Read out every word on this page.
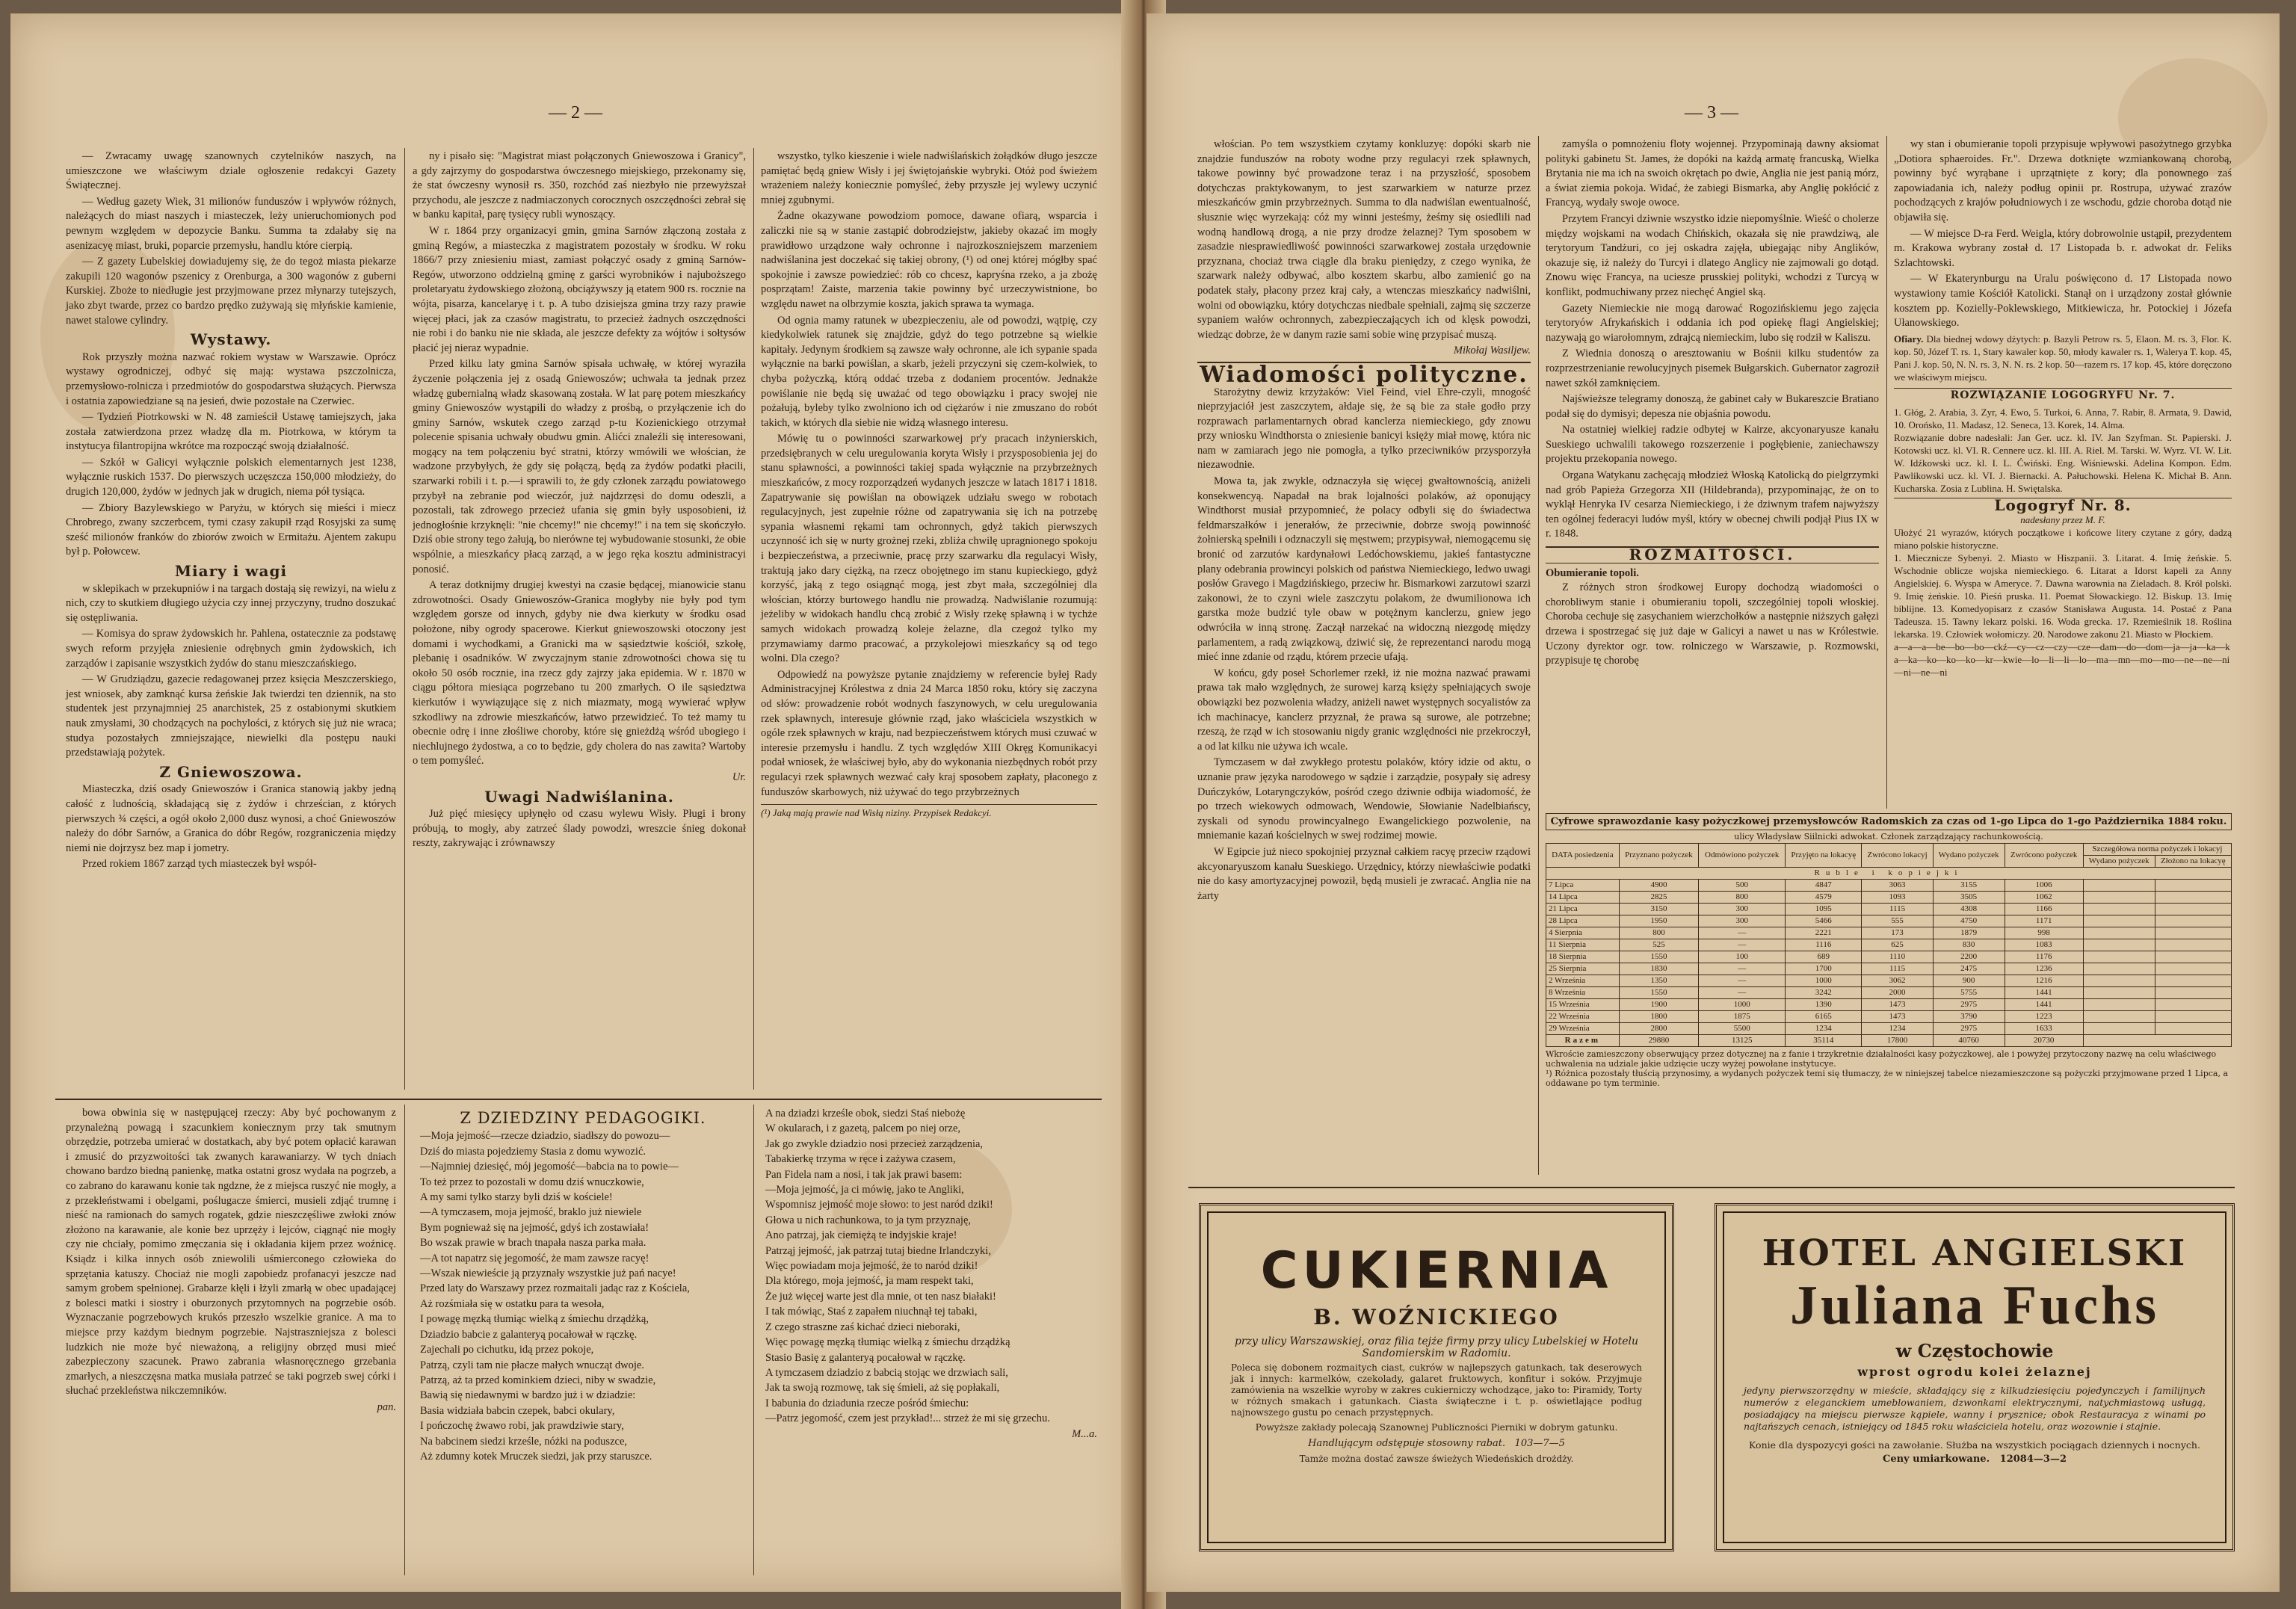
— 2 —

— Zwracamy uwagę szanownych czytelników naszych, na umieszczone we właściwym dziale ogłoszenie redakcyi Gazety Świątecznej.

— Według gazety Wiek, 31 milionów funduszów i wpływów różnych, należących do miast naszych i miasteczek, leży unieruchomionych pod pewnym względem w depozycie Banku. Summa ta zdałaby się na asenizacyę miast, bruki, poparcie przemysłu, handlu które cierpią.

— Z gazety Lubelskiej dowiadujemy się, że do tegoż miasta piekarze zakupili 120 wagonów pszenicy z Orenburga, a 300 wagonów z guberni Kurskiej. Zboże to niedługie jest przyjmowane przez młynarzy tutejszych, jako zbyt twarde, przez co bardzo prędko zużywają się młyńskie kamienie, nawet stalowe cylindry.

Wystawy.

Rok przyszły można nazwać rokiem wystaw w Warszawie. Oprócz wystawy ogrodniczej, odbyć się mają: wystawa pszczolnicza, przemysłowo-rolnicza i przedmiotów do gospodarstwa służących. Pierwsza i ostatnia zapowiedziane są na jesień, dwie pozostałe na Czerwiec.

— Tydzień Piotrkowski w N. 48 zamieścił Ustawę tamiejszych, jaka została zatwierdzona przez władzę dla m. Piotrkowa, w którym ta instytucya filantropijna wkrótce ma rozpocząć swoją działalność.

— Szkół w Galicyi wyłącznie polskich elementarnych jest 1238, wyłącznie ruskich 1537. Do pierwszych uczęszcza 150,000 młodzieży, do drugich 120,000, żydów w jednych jak w drugich, niema pół tysiąca.

— Zbiory Bazylewskiego w Paryżu, w których się mieści i miecz Chrobrego, zwany szczerbcem, tymi czasy zakupił rząd Rosyjski za sumę sześć milionów franków do zbiorów zwoich w Ermitażu. Ajentem zakupu był p. Połowcew.

Miary i wagi

w sklepikach w przekupniów i na targach dostają się rewizyi, na wielu z nich, czy to skutkiem długiego użycia czy innej przyczyny, trudno doszukać się ostępliwania.

— Komisya do spraw żydowskich hr. Pahlena, ostatecznie za podstawę swych reform przyjęła zniesienie odrębnych gmin żydowskich, ich zarządów i zapisanie wszystkich żydów do stanu mieszczańskiego.

— W Grudziądzu, gazecie redagowanej przez księcia Meszczerskiego, jest wniosek, aby zamknąć kursa żeńskie Jak twierdzi ten dziennik, na sto studentek jest przynajmniej 25 anarchistek, 25 z ostabionymi skutkiem nauk zmysłami, 30 chodzących na pochylości, z których się już nie wraca; studya pozostałych zmniejszające, niewielki dla postępu nauki przedstawiają pożytek.

Z Gniewoszowa.

Miasteczka, dziś osady Gniewoszów i Granica stanowią jakby jedną całość z ludnością, składającą się z żydów i chrześcian, z których pierwszych ¾ części, a ogół około 2,000 dusz wynosi, a choć Gniewoszów należy do dóbr Sarnów, a Granica do dóbr Regów, rozgraniczenia między niemi nie dojrzysz bez map i jometry.

Przed rokiem 1867 zarząd tych miasteczek był współ-

ny i pisało się: "Magistrat miast połączonych Gniewoszowa i Granicy", a gdy zajrzymy do gospodarstwa ówczesnego miejskiego, przekonamy się, że stat ówczesny wynosił rs. 350, rozchód zaś niezbyło nie przewyższał przychodu, ale jeszcze z nadmiaczonych corocznych oszczędności zebrał się w banku kapitał, parę tysięcy rubli wynoszący.

W r. 1864 przy organizacyi gmin, gmina Sarnów złączoną została z gminą Regów, a miasteczka z magistratem pozostały w środku. W roku 1866/7 przy zniesieniu miast, zamiast połączyć osady z gminą Sarnów-Regów, utworzono oddzielną gminę z garści wyrobników i najuboższego proletaryatu żydowskiego złożoną, obciążywszy ją etatem 900 rs. rocznie na wójta, pisarza, kancelaryę i t. p. A tubo dzisiejsza gmina trzy razy prawie więcej płaci, jak za czasów magistratu, to przecież żadnych oszczędności nie robi i do banku nie nie składa, ale jeszcze defekty za wójtów i sołtysów płacić jej nieraz wypadnie.

Przed kilku laty gmina Sarnów spisała uchwałę, w której wyraziła życzenie połączenia jej z osadą Gniewoszów; uchwała ta jednak przez władzę gubernialną władz skasowaną została. W lat parę potem mieszkańcy gminy Gniewoszów wystąpili do władzy z prośbą, o przyłączenie ich do gminy Sarnów, wskutek czego zarząd p-tu Kozienickiego otrzymał polecenie spisania uchwały obudwu gmin. Alićci znaleźli się interesowani, mogący na tem połączeniu być stratni, którzy wmówili we włościan, że wadzone przybyłych, że gdy się połączą, będą za żydów podatki płacili, szarwarki robili i t. p.—i sprawili to, że gdy członek zarządu powiatowego przybył na zebranie pod wieczór, już najdzrzęsi do domu odeszli, a pozostali, tak zdrowego przecież ufania się gmin były usposobieni, iż jednogłośnie krzyknęli: "nie chcemy!" nie chcemy!" i na tem się skończyło. Dziś obie strony tego żałują, bo nierówne tej wybudowanie stosunki, że obie wspólnie, a mieszkańcy płacą zarząd, a w jego ręka kosztu administracyi ponosić.

A teraz dotknijmy drugiej kwestyi na czasie będącej, mianowicie stanu zdrowotności. Osady Gniewoszów-Granica mogłyby nie były pod tym względem gorsze od innych, gdyby nie dwa kierkuty w środku osad położone, niby ogrody spacerowe. Kierkut gniewoszowski otoczony jest domami i wychodkami, a Granicki ma w sąsiedztwie kościół, szkołę, plebanię i osadników. W zwyczajnym stanie zdrowotności chowa się tu około 50 osób rocznie, ina rzecz gdy zajrzy jaka epidemia. W r. 1870 w ciągu półtora miesiąca pogrzebano tu 200 zmarłych. O ile sąsiedztwa kierkutów i wywiązujące się z nich miazmaty, mogą wywierać wpływ szkodliwy na zdrowie mieszkańców, łatwo przewidzieć. To też mamy tu obecnie odrę i inne złośliwe choroby, które się gnieżdżą wśród ubogiego i niechlujnego żydostwa, a co to będzie, gdy cholera do nas zawita? Wartoby o tem pomyśleć.

Ur.
Uwagi Nadwiślanina.

Już pięć miesięcy upłynęło od czasu wylewu Wisły. Pługi i brony próbują, to mogły, aby zatrzeć ślady powodzi, wreszcie śnieg dokonał reszty, zakrywając i zrównawszy

wszystko, tylko kieszenie i wiele nadwiślańskich żołądków długo jeszcze pamiętać będą gniew Wisły i jej świętojańskie wybryki. Otóż pod świeżem wrażeniem należy koniecznie pomyśleć, żeby przyszłe jej wylewy uczynić mniej zgubnymi.

Żadne okazywane powodziom pomoce, dawane ofiarą, wsparcia i zaliczki nie są w stanie zastąpić dobrodziejstw, jakieby okazać im mogły prawidłowo urządzone wały ochronne i najrozkoszniejszem marzeniem nadwiślanina jest doczekać się takiej obrony, (¹) od onej której mógłby spać spokojnie i zawsze powiedzieć: rób co chcesz, kapryśna rzeko, a ja zbożę posprzątam! Zaiste, marzenia takie powinny być urzeczywistnione, bo względu nawet na olbrzymie koszta, jakich sprawa ta wymaga.

Od ognia mamy ratunek w ubezpieczeniu, ale od powodzi, wątpię, czy kiedykolwiek ratunek się znajdzie, gdyż do tego potrzebne są wielkie kapitały. Jedynym środkiem są zawsze wały ochronne, ale ich sypanie spada wyłącznie na barki powiślan, a skarb, jeżeli przyczyni się czem-kolwiek, to chyba pożyczką, którą oddać trzeba z dodaniem procentów. Jednakże powiślanie nie będą się uważać od tego obowiązku i pracy swojej nie pożałują, byleby tylko zwolniono ich od ciężarów i nie zmuszano do robót takich, w których dla siebie nie widzą własnego interesu.

Mówię tu o powinności szarwarkowej pr'y pracach inżynierskich, przedsiębranych w celu uregulowania koryta Wisły i przysposobienia jej do stanu spławności, a powinności takiej spada wyłącznie na przybrzeżnych mieszkańców, z mocy rozporządzeń wydanych jeszcze w latach 1817 i 1818. Zapatrywanie się powiślan na obowiązek udziału swego w robotach regulacyjnych, jest zupełnie różne od zapatrywania się ich na potrzebę sypania własnemi rękami tam ochronnych, gdyż takich pierwszych uczynność ich się w nurty grożnej rzeki, zbliża chwilę upragnionego spokoju i bezpieczeństwa, a przeciwnie, pracę przy szarwarku dla regulacyi Wisły, traktują jako dary ciężką, na rzecz obojętnego im stanu kupieckiego, gdyż korzyść, jaką z tego osiągnąć mogą, jest zbyt mała, szczególniej dla włościan, którzy burtowego handlu nie prowadzą. Nadwiślanie rozumują: jeżeliby w widokach handlu chcą zrobić z Wisły rzekę spławną i w tychże samych widokach prowadzą koleje żelazne, dla czegoż tylko my przymawiamy darmo pracować, a przykolejowi mieszkańcy są od tego wolni. Dla czego?

Odpowiedź na powyższe pytanie znajdziemy w referencie byłej Rady Administracyjnej Królestwa z dnia 24 Marca 1850 roku, który się zaczyna od słów: prowadzenie robót wodnych faszynowych, w celu uregulowania rzek spławnych, interesuje głównie rząd, jako właściciela wszystkich w ogóle rzek spławnych w kraju, nad bezpieczeństwem których musi czuwać w interesie przemysłu i handlu. Z tych względów XIII Okręg Komunikacyi podał wniosek, że właściwej było, aby do wykonania niezbędnych robót przy regulacyi rzek spławnych wezwać cały kraj sposobem zapłaty, płaconego z funduszów skarbowych, niż używać do tego przybrzeżnych

(¹) Jaką mają prawie nad Wisłą niziny. Przypisek Redakcyi.

bowa obwinia się w następującej rzeczy: Aby być pochowanym z przynależną powagą i szacunkiem koniecznym przy tak smutnym obrzędzie, potrzeba umierać w dostatkach, aby być potem opłacić karawan i zmusić do przyzwoitości tak zwanych karawaniarzy. W tych dniach chowano bardzo biedną panienkę, matka ostatni grosz wydała na pogrzeb, a co zabrano do karawanu konie tak ngdzne, że z miejsca ruszyć nie mogły, a z przekleństwami i obelgami, poślugacze śmierci, musieli zdjąć trumnę i nieść na ramionach do samych rogatek, gdzie nieszczęśliwe zwłoki znów złożono na karawanie, ale konie bez uprzęży i lejców, ciągnąć nie mogły czy nie chciały, pomimo zmęczania się i okładania kijem przez woźnicę. Ksiądz i kilka innych osób zniewolili uśmierconego człowieka do sprzętania katuszy. Chociaż nie mogli zapobiedz profanacyi jeszcze nad samym grobem spełnionej. Grabarze kłęli i łżyli zmarłą w obec upadającej z bolesci matki i siostry i oburzonych przytomnych na pogrzebie osób. Wyznaczanie pogrzebowych krukós przeszło wszelkie granice. A ma to miejsce przy każdym biednym pogrzebie. Najstraszniejsza z bolesci ludzkich nie może być nieważoną, a religijny obrzęd musi mieć zabezpieczony szacunek. Prawo zabrania własnoręcznego grzebania zmarłych, a nieszczęsna matka musiała patrzeć se taki pogrzeb swej córki i słuchać przekleństwa nikczemników.

pan.
Z DZIEDZINY PEDAGOGIKI.
—Moja jejmość—rzecze dziadzio, siadłszy do powozu—
Dziś do miasta pojedziemy Stasia z domu wywozić.
—Najmniej dziesięć, mój jegomość—babcia na to powie—
To też przez to pozostali w domu dziś wnuczkowie,
A my sami tylko starzy byli dziś w kościele!
—A tymczasem, moja jejmość, braklo już niewiele
Bym pognieważ się na jejmość, gdyś ich zostawiała!
Bo wszak prawie w brach tnapała nasza parka mała.
—A tot napatrz się jegomość, że mam zawsze racyę!
—Wszak niewieście ją przyznały wszystkie już pań nacye!
Przed laty do Warszawy przez rozmaitali jadąc raz z Kościela,
Aż rozśmiała się w ostatku para ta wesoła,
I powagę męzką tłumiąc wielką z śmiechu drządżką,
Dziadzio babcie z galanteryą pocałował w rączkę.
Zajechali po cichutku, idą przez pokoje,
Patrzą, czyli tam nie płacze małych wnucząt dwoje.
Patrzą, aż ta przed kominkiem dzieci, niby w swadzie,
Bawią się niedawnymi w bardzo już i w dziadzie:
Basia widziała babcin czepek, babci okulary,
I pończochę żwawo robi, jak prawdziwie stary,
Na babcinem siedzi krześle, nóżki na poduszce,
Aż zdumny kotek Mruczek siedzi, jak przy staruszce.
A na dziadzi krześle obok, siedzi Staś niebożę
W okularach, i z gazetą, palcem po niej orze,
Jak go zwykle dziadzio nosi przecież zarządzenia,
Tabakierkę trzyma w ręce i zażywa czasem,
Pan Fidela nam a nosi, i tak jak prawi basem:
—Moja jejmość, ja ci mówię, jako te Angliki,
Wspomnisz jejmość moje słowo: to jest naród dziki!
Głowa u nich rachunkowa, to ja tym przyznaję,
Ano patrzaj, jak ciemiężą te indyjskie kraje!
Patrząj jejmość, jak patrzaj tutaj biedne Irlandczyki,
Więc powiadam moja jejmość, że to naród dziki!
Dla którego, moja jejmość, ja mam respekt taki,
Że już więcej warte jest dla mnie, ot ten nasz białaki!
I tak mówiąc, Staś z zapałem niuchnął tej tabaki,
Z czego straszne zaś kichać dzieci nieboraki,
Więc powagę męzką tłumiąc wielką z śmiechu drządżką
Stasio Basię z galanteryą pocałował w rączkę.
A tymczasem dziadzio z babcią stojąc we drzwiach sali,
Jak ta swoją rozmowę, tak się śmieli, aż się popłakali,
I babunia do dziadunia rzecze pośród śmiechu:
—Patrz jegomość, czem jest przykład!... strzeż że mi się grzechu.
M...a.
— 3 —

włościan. Po tem wszystkiem czytamy konkluzyę: dopóki skarb nie znajdzie funduszów na roboty wodne przy regulacyi rzek spławnych, takowe powinny być prowadzone teraz i na przyszłość, sposobem dotychczas praktykowanym, to jest szarwarkiem w naturze przez mieszkańców gmin przybrzeżnych. Summa to dla nadwiślan ewentualność, słusznie więc wyrzekają: cóż my winni jesteśmy, żeśmy się osiedlili nad wodną handlową drogą, a nie przy drodze żelaznej? Tym sposobem w zasadzie niesprawiedliwość powinności szarwarkowej została urzędownie przyznana, chociaż trwa ciągle dla braku pieniędzy, z czego wynika, że szarwark należy odbywać, albo kosztem skarbu, albo zamienić go na podatek stały, płacony przez kraj cały, a wtenczas mieszkańcy nadwiślni, wolni od obowiązku, który dotychczas niedbale spełniali, zajmą się szczerze sypaniem wałów ochronnych, zabezpieczających ich od klęsk powodzi, wiedząc dobrze, że w danym razie sami sobie winę przypisać muszą.

Mikołaj Wasiljew.
Wiadomości polityczne.

Starożytny dewiz krzyżaków: Viel Feind, viel Ehre-czyli, mnogość nieprzyjaciół jest zaszczytem, ałdaje się, że są bie za stałe godło przy rozprawach parlamentarnych obrad kanclerza niemieckiego, gdy znowu przy wniosku Windthorsta o zniesienie banicyi księży miał mowę, która nic nam w zamiarach jego nie pomogła, a tylko przeciwników przysporzyła niezawodnie.

Mowa ta, jak zwykle, odznaczyła się więcej gwałtownością, aniżeli konsekwencyą. Napadał na brak lojalności polaków, aż oponujący Windthorst musiał przypomnieć, że polacy odbyli się do świadectwa feldmarszałków i jenerałów, że przeciwnie, dobrze swoją powinność żołnierską spełnili i odznaczyli się męstwem; przypisywał, niemogącemu się bronić od zarzutów kardynałowi Ledóchowskiemu, jakieś fantastyczne plany odebrania prowincyi polskich od państwa Niemieckiego, ledwo uwagi posłów Gravego i Magdzińskiego, przeciw hr. Bismarkowi zarzutowi szarzi zakonowi, że to czyni wiele zaszczytu polakom, że dwumilionowa ich garstka może budzić tyle obaw w potężnym kanclerzu, gniew jego odwróciła w inną stronę. Zaczął narzekać na widoczną niezgodę między parlamentem, a radą związkową, dziwić się, że reprezentanci narodu mogą mieć inne zdanie od rządu, którem przecie ufają.

W końcu, gdy poseł Schorlemer rzekł, iż nie można nazwać prawami prawa tak mało względnych, że surowej karzą księży spełniających swoje obowiązki bez pozwolenia władzy, aniżeli nawet występnych socyalistów za ich machinacye, kanclerz przyznał, że prawa są surowe, ale potrzebne; rzeszą, że rząd w ich stosowaniu nigdy granic względności nie przekroczył, a od lat kilku nie używa ich wcale.

Tymczasem w dał zwykłego protestu polaków, który idzie od aktu, o uznanie praw języka narodowego w sądzie i zarządzie, posypały się adresy Duńczyków, Lotaryngczyków, pośród czego dziwnie odbija wiadomość, że po trzech wiekowych odmowach, Wendowie, Słowianie Nadelbiańscy, zyskali od synodu prowincyalnego Ewangelickiego pozwolenie, na mniemanie kazań kościelnych w swej rodzimej mowie.

W Egipcie już nieco spokojniej przyznał całkiem racyę przeciw rządowi akcyonaryuszom kanału Sueskiego. Urzędnicy, którzy niewłaściwie podatki nie do kasy amortyzacyjnej powoził, będą musieli je zwracać. Anglia nie na żarty

zamyśla o pomnożeniu floty wojennej. Przypominają dawny aksiomat polityki gabinetu St. James, że dopóki na każdą armatę francuską, Wielka Brytania nie ma ich na swoich okrętach po dwie, Anglia nie jest panią mórz, a świat ziemia pokoja. Widać, że zabiegi Bismarka, aby Anglię pokłócić z Francyą, wydały swoje owoce.

Przytem Francyi dziwnie wszystko idzie niepomyślnie. Wieść o cholerze między wojskami na wodach Chińskich, okazała się nie prawdziwą, ale terytoryum Tandżuri, co jej oskadra zajęła, ubiegając niby Anglików, okazuje się, iż należy do Turcyi i dlatego Anglicy nie zajmowali go dotąd. Znowu więc Francya, na uciesze prusskiej polityki, wchodzi z Turcyą w konflikt, podmuchiwany przez niechęć Angiel ską.

Gazety Niemieckie nie mogą darować Rogozińskiemu jego zajęcia terytoryów Afrykańskich i oddania ich pod opiekę flagi Angielskiej; nazywają go wiarołomnym, zdrajcą niemieckim, lubo się rodził w Kaliszu.

Z Wiednia donoszą o aresztowaniu w Bośnii kilku studentów za rozprzestrzenianie rewolucyjnych pisemek Bułgarskich. Gubernator zagroził nawet szkół zamknięciem.

Najświeższe telegramy donoszą, że gabinet cały w Bukareszcie Bratiano podał się do dymisyi; depesza nie objaśnia powodu.

Na ostatniej wielkiej radzie odbytej w Kairze, akcyonaryusze kanału Sueskiego uchwalili takowego rozszerzenie i pogłębienie, zaniechawszy projektu przekopania nowego.

Organa Watykanu zachęcają młodzież Włoską Katolicką do pielgrzymki nad grób Papieża Grzegorza XII (Hildebranda), przypominając, że on to wyklął Henryka IV cesarza Niemieckiego, i że dziwnym trafem najwyższy ten ogólnej federacyi ludów myśl, który w obecnej chwili podjął Pius IX w r. 1848.

ROZMAITOŚCI.
Obumieranie topoli.

Z różnych stron środkowej Europy dochodzą wiadomości o chorobliwym stanie i obumieraniu topoli, szczególniej topoli włoskiej. Choroba cechuje się zasychaniem wierzchołków a następnie niższych gałęzi drzewa i spostrzegać się już daje w Galicyi a nawet u nas w Królestwie. Uczony dyrektor ogr. tow. rolniczego w Warszawie, p. Rozmowski, przypisuje tę chorobę

wy stan i obumieranie topoli przypisuje wpływowi pasożytnego grzybka „Dotiora sphaeroides. Fr.". Drzewa dotknięte wzmiankowaną chorobą, powinny być wyrąbane i uprzątnięte z kory; dla ponownego zaś zapowiadania ich, należy podług opinii pr. Rostrupa, używać zrazów pochodzących z krajów południowych i ze wschodu, gdzie choroba dotąd nie objawiła się.

— W miejsce D-ra Ferd. Weigla, który dobrowolnie ustąpił, prezydentem m. Krakowa wybrany został d. 17 Listopada b. r. adwokat dr. Feliks Szlachtowski.

— W Ekaterynburgu na Uralu poświęcono d. 17 Listopada nowo wystawiony tamie Kościół Katolicki. Stanął on i urządzony został głównie kosztem pp. Kozielly-Poklewskiego, Mitkiewicza, hr. Potockiej i Józefa Ułanowskiego.

Ofiary. Dla biednej wdowy dżytych: p. Bazyli Petrow rs. 5, Elaon. M. rs. 3, Flor. K. kop. 50, Józef T. rs. 1, Stary kawaler kop. 50, młody kawaler rs. 1, Walerya T. kop. 45, Pani J. kop. 50, N. N. rs. 3, N. N. rs. 2 kop. 50—razem rs. 17 kop. 45, które doręczono we właściwym miejscu.
ROZWIĄZANIE LOGOGRYFU Nr. 7.
1. Głóg, 2. Arabia, 3. Zyr, 4. Ewo, 5. Turkoi, 6. Anna, 7. Rabir, 8. Armata, 9. Dawid, 10. Orońsko, 11. Madasz, 12. Seneca, 13. Korek, 14. Alma.
Rozwiązanie dobre nadesłali: Jan Ger. ucz. kl. IV. Jan Szyfman. St. Papierski. J. Kotowski ucz. kl. VI. R. Cennere ucz. kl. III. A. Riel. M. Tarski. W. Wyrz. VI. W. Lit. W. Idźkowski ucz. kl. I. L. Ćwiński. Eng. Wiśniewski. Adelina Kompon. Edm. Pawlikowski ucz. kl. VI. J. Biernacki. A. Pałuchowski. Helena K. Michał B. Ann. Kucharska. Zosia z Lublina. H. Swiętalska.
Logogryf Nr. 8.
nadesłany przez M. F.
Ułożyć 21 wyrazów, których początkowe i końcowe litery czytane z góry, dadzą miano polskie historyczne.
1. Miecznicze Sybenyi. 2. Miasto w Hiszpanii. 3. Litarat. 4. Imię żeńskie. 5. Wschodnie oblicze wojska niemieckiego. 6. Litarat a Idorst kapeli za Anny Angielskiej. 6. Wyspa w Ameryce. 7. Dawna warownia na Zieladach. 8. Król polski. 9. Imię żeńskie. 10. Pieśń pruska. 11. Poemat Słowackiego. 12. Biskup. 13. Imię biblijne. 13. Komedyopisarz z czasów Stanisława Augusta. 14. Postać z Pana Tadeusza. 15. Tawny lekarz polski. 16. Woda grecka. 17. Rzemieślnik 18. Roślina lekarska. 19. Człowiek wołomiczy. 20. Narodowe zakonu 21. Miasto w Płockiem.
a—a—a—be—bo—bo—ckź—cy—cz—czy—cze—dam—do—dom—ja—ja—ka—ka—ka—ko—ko—ko—kr—kwie—lo—li—li—lo—ma—mn—mo—mo—ne—ne—ni—ni—ne—ni
Cyfrowe sprawozdanie kasy pożyczkowej przemysłowców Radomskich za czas od 1-go Lipca do 1-go Października 1884 roku.
ulicy Władysław Siilnicki adwokat. Członek zarządzający rachunkowością.
DATA posiedzenia	Przyznano pożyczek	Odmówiono pożyczek	Przyjęto na lokacyę	Zwrócono lokacyj	Wydano pożyczek	Zwrócono pożyczek	Szczegółowa norma pożyczek i lokacyj	
							Wydano pożyczek	Złożono na lokacyę
Ruble i kopiejki								
7 Lipca	4900	500	4847	3063	3155	1006		
14 Lipca	2825	800	4579	1093	3505	1062		
21 Lipca	3150	300	1095	1115	4308	1166		
28 Lipca	1950	300	5466	555	4750	1171		
4 Sierpnia	800	—	2221	173	1879	998		
11 Sierpnia	525	—	1116	625	830	1083		
18 Sierpnia	1550	100	689	1110	2200	1176		
25 Sierpnia	1830	—	1700	1115	2475	1236		
2 Września	1350	—	1000	3062	900	1216		
8 Września	1550	—	3242	2000	5755	1441		
15 Września	1900	1000	1390	1473	2975	1441		
22 Września	1800	1875	6165	1473	3790	1223		
29 Września	2800	5500	1234	1234	2975	1633		
Razem	29880	13125	35114	17800	40760	20730		
Wkroście zamieszczony obserwujący przez dotycznej na z fanie i trzykretnie działalności kasy pożyczkowej, ale i powyżej przytoczony nazwę na celu właściwego uchwalenia na udziale jakie udzięcie uczy wyżej powołane instytucye.
¹) Różnica pozostały tłuścią przynosimy, a wydanych pożyczek temi się tłumaczy, że w niniejszej tabelce niezamieszczone są pożyczki przyjmowane przed 1 Lipca, a oddawane po tym terminie.
CUKIERNIA
B. WOŹNICKIEGO
przy ulicy Warszawskiej, oraz filia tejże firmy przy ulicy Lubelskiej w Hotelu Sandomierskim w Radomiu.
Poleca się dobonem rozmaitych ciast, cukrów w najlepszych gatunkach, tak deserowych jak i innych: karmelków, czekolady, galaret fruktowych, konfitur i soków. Przyjmuje zamówienia na wszelkie wyroby w zakres cukierniczy wchodzące, jako to: Piramidy, Torty w różnych smakach i gatunkach. Ciasta świąteczne i t. p. oświetlające podług najnowszego gustu po cenach przystępnych.
Powyższe zakłady polecają Szanownej Publiczności Pierniki w dobrym gatunku.
Handlującym odstępuje stosowny rabat. 103—7—5
Tamże można dostać zawsze świeżych Wiedeńskich drożdży.
HOTEL ANGIELSKI
Juliana Fuchs
w Częstochowie
wprost ogrodu kolei żelaznej
jedyny pierwszorzędny w mieście, składający się z kilkudziesięciu pojedynczych i familijnych numerów z eleganckiem umeblowaniem, dzwonkami elektrycznymi, natychmiastową usługą, posiadający na miejscu pierwsze kąpiele, wanny i prysznice; obok Restauracya z winami po najtańszych cenach, istniejący od 1845 roku właściciela hotelu, oraz wozownie i stajnie.
Konie dla dyspozycyi gości na zawołanie. Służba na wszystkich pociągach dziennych i nocnych.
Ceny umiarkowane. 12084—3—2
